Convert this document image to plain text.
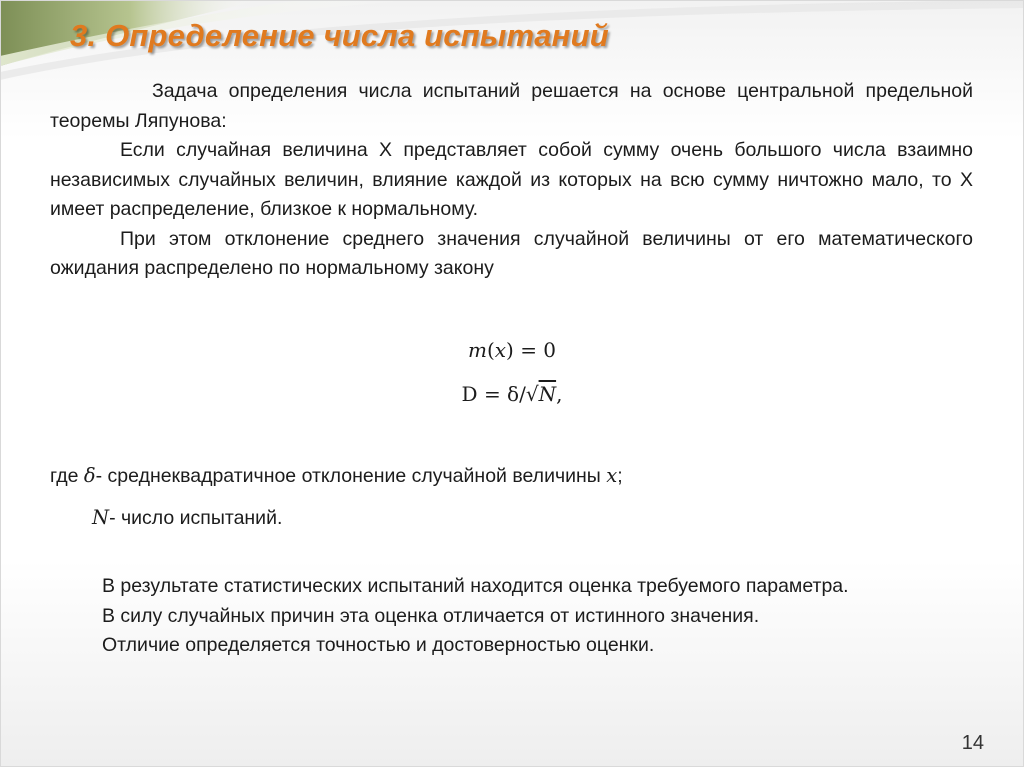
3. Определение числа испытаний

Задача определения числа испытаний решается на основе центральной предельной теоремы Ляпунова:

Если случайная величина X представляет собой сумму очень большого числа взаимно независимых случайных величин, влияние каждой из которых на всю сумму ничтожно мало, то X имеет распределение, близкое к нормальному.

При этом отклонение среднего значения случайной величины от его математического ожидания распределено по нормальному закону

m(x) = 0
D = δ/√N,
где δ- среднеквадратичное отклонение случайной величины x;
N- число испытаний.

В результате статистических испытаний находится оценка требуемого параметра.

В силу случайных причин эта оценка отличается от истинного значения.

Отличие определяется точностью и достоверностью оценки.

14
